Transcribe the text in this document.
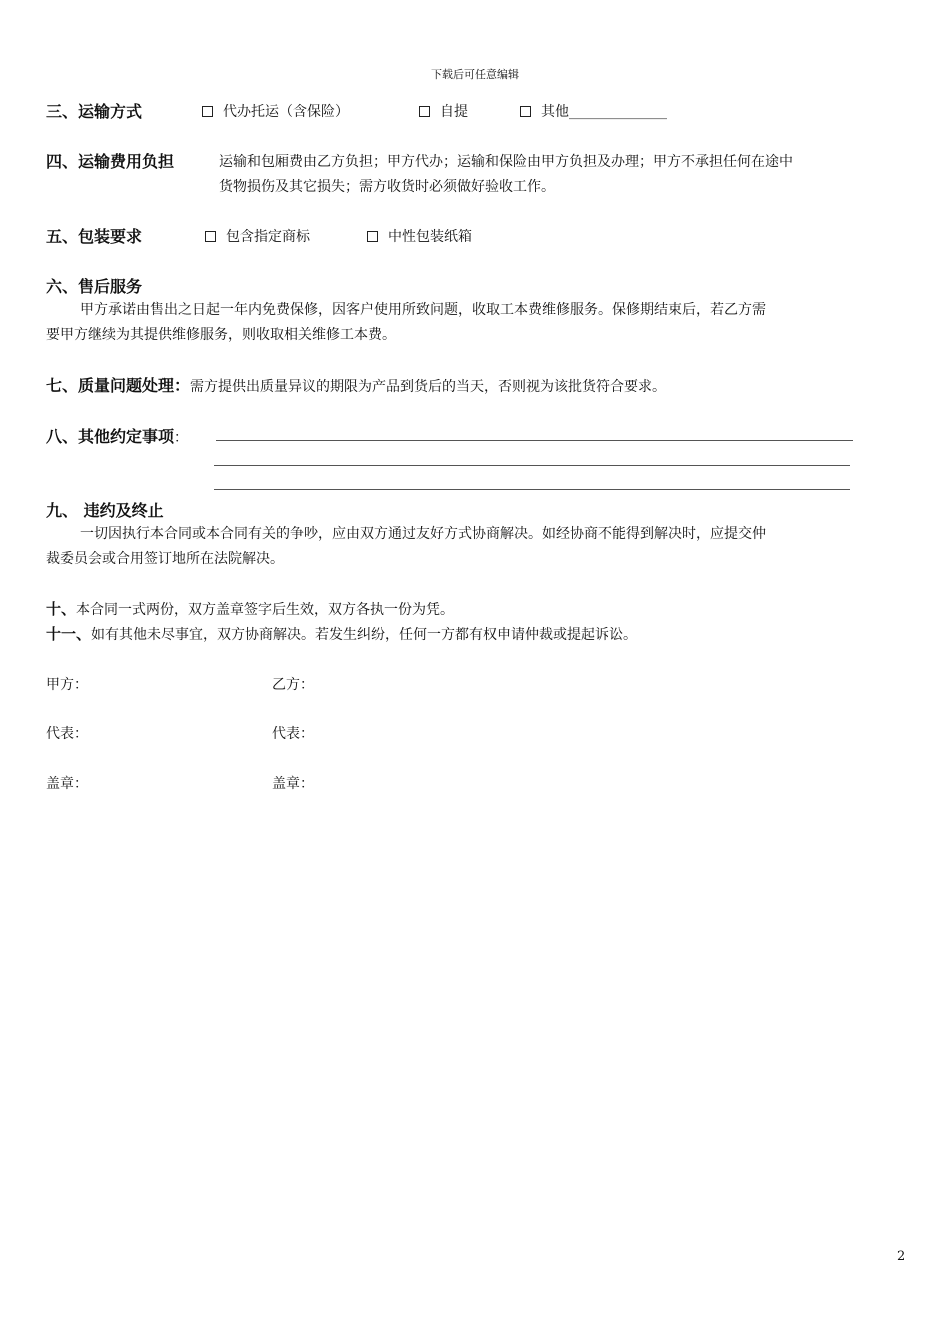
下载后可任意编辑
三、运输方式	代办托运（含保险）	自提	其他______________
四、运输费用负担	运输和包厢费由乙方负担；甲方代办；运输和保险由甲方负担及办理；甲方不承担任何在途中
货物损伤及其它损失；需方收货时必须做好验收工作。
五、包装要求	包含指定商标	中性包装纸箱
六、售后服务
甲方承诺由售出之日起一年内免费保修，因客户使用所致问题，收取工本费维修服务。保修期结束后，若乙方需
要甲方继续为其提供维修服务，则收取相关维修工本费。
七、质量问题处理：需方提供出质量异议的期限为产品到货后的当天，否则视为该批货符合要求。
八、其他约定事项：
九、 违约及终止
一切因执行本合同或本合同有关的争吵，应由双方通过友好方式协商解决。如经协商不能得到解决时，应提交仲
裁委员会或合用签订地所在法院解决。
十、本合同一式两份，双方盖章签字后生效，双方各执一份为凭。
十一、如有其他未尽事宜，双方协商解决。若发生纠纷，任何一方都有权申请仲裁或提起诉讼。
甲方：	乙方：
代表：	代表：
盖章：	盖章：
2
